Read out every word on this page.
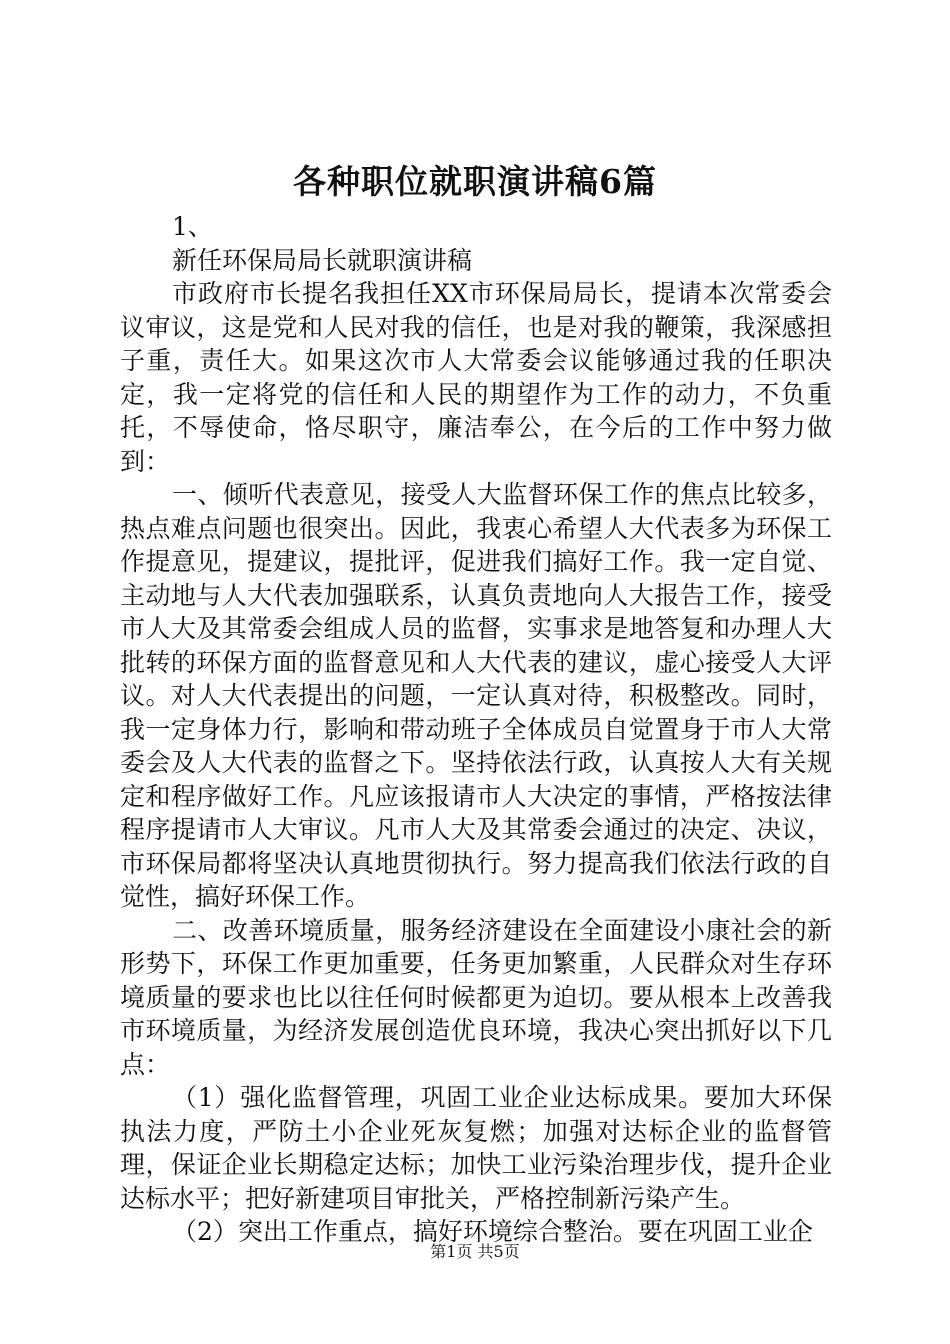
各种职位就职演讲稿6篇

1、

新任环保局局长就职演讲稿

市政府市长提名我担任XX市环保局局长，提请本次常委会议审议，这是党和人民对我的信任，也是对我的鞭策，我深感担子重，责任大。如果这次市人大常委会议能够通过我的任职决定，我一定将党的信任和人民的期望作为工作的动力，不负重托，不辱使命，恪尽职守，廉洁奉公，在今后的工作中努力做到：

一、倾听代表意见，接受人大监督环保工作的焦点比较多，热点难点问题也很突出。因此，我衷心希望人大代表多为环保工作提意见，提建议，提批评，促进我们搞好工作。我一定自觉、主动地与人大代表加强联系，认真负责地向人大报告工作，接受市人大及其常委会组成人员的监督，实事求是地答复和办理人大批转的环保方面的监督意见和人大代表的建议，虚心接受人大评议。对人大代表提出的问题，一定认真对待，积极整改。同时，我一定身体力行，影响和带动班子全体成员自觉置身于市人大常委会及人大代表的监督之下。坚持依法行政，认真按人大有关规定和程序做好工作。凡应该报请市人大决定的事情，严格按法律程序提请市人大审议。凡市人大及其常委会通过的决定、决议，市环保局都将坚决认真地贯彻执行。努力提高我们依法行政的自觉性，搞好环保工作。

二、改善环境质量，服务经济建设在全面建设小康社会的新形势下，环保工作更加重要，任务更加繁重，人民群众对生存环境质量的要求也比以往任何时候都更为迫切。要从根本上改善我市环境质量，为经济发展创造优良环境，我决心突出抓好以下几点：

（1）强化监督管理，巩固工业企业达标成果。要加大环保执法力度，严防土小企业死灰复燃；加强对达标企业的监督管理，保证企业长期稳定达标；加快工业污染治理步伐，提升企业达标水平；把好新建项目审批关，严格控制新污染产生。

（2）突出工作重点，搞好环境综合整治。要在巩固工业企

第1页 共5页
